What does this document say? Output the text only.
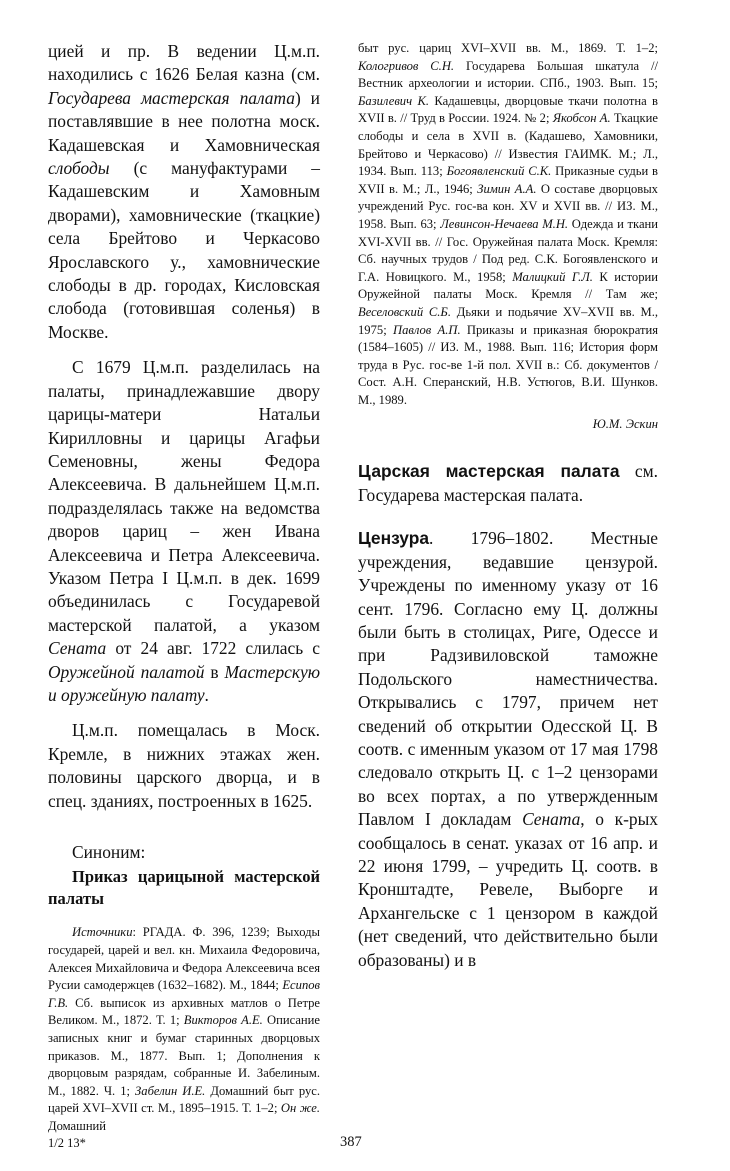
цией и пр. В ведении Ц.м.п. находились с 1626 Белая казна (см. Государева мастерская палата) и поставлявшие в нее полотна моск. Кадашевская и Хамовническая слободы (с мануфактурами – Кадашевским и Хамовным дворами), хамовнические (ткацкие) села Брейтово и Черкасово Ярославского у., хамовнические слободы в др. городах, Кисловская слобода (готовившая соленья) в Москве.

С 1679 Ц.м.п. разделилась на палаты, принадлежавшие двору царицы-матери Натальи Кирилловны и царицы Агафьи Семеновны, жены Федора Алексеевича. В дальнейшем Ц.м.п. подразделялась также на ведомства дворов цариц – жен Ивана Алексеевича и Петра Алексеевича. Указом Петра I Ц.м.п. в дек. 1699 объединилась с Государевой мастерской палатой, а указом Сената от 24 авг. 1722 слилась с Оружейной палатой в Мастерскую и оружейную палату.

Ц.м.п. помещалась в Моск. Кремле, в нижних этажах жен. половины царского дворца, и в спец. зданиях, построенных в 1625.

Синоним:

Приказ царицыной мастерской палаты

Источники: РГАДА. Ф. 396, 1239; Выходы государей, царей и вел. кн. Михаила Федоровича, Алексея Михайловича и Федора Алексеевича всея Русии самодержцев (1632–1682). М., 1844; Есипов Г.В. Сб. выписок из архивных матлов о Петре Великом. М., 1872. Т. 1; Викторов А.Е. Описание записных книг и бумаг старинных дворцовых приказов. М., 1877. Вып. 1; Дополнения к дворцовым разрядам, собранные И. Забелиным. М., 1882. Ч. 1; Забелин И.Е. Домашний быт рус. царей XVI–XVII ст. М., 1895–1915. Т. 1–2; Он же. Домашний

быт рус. цариц XVI–XVII вв. М., 1869. Т. 1–2; Кологривов С.Н. Государева Большая шкатула // Вестник археологии и истории. СПб., 1903. Вып. 15; Базилевич К. Кадашевцы, дворцовые ткачи полотна в XVII в. // Труд в России. 1924. № 2; Якобсон А. Ткацкие слободы и села в XVII в. (Кадашево, Хамовники, Брейтово и Черкасово) // Известия ГАИМК. М.; Л., 1934. Вып. 113; Богоявленский С.К. Приказные судьи в XVII в. М.; Л., 1946; Зимин А.А. О составе дворцовых учреждений Рус. гос-ва кон. XV и XVII вв. // ИЗ. М., 1958. Вып. 63; Левинсон-Нечаева М.Н. Одежда и ткани XVI-XVII вв. // Гос. Оружейная палата Моск. Кремля: Сб. научных трудов / Под ред. С.К. Богоявленского и Г.А. Новицкого. М., 1958; Малицкий Г.Л. К истории Оружейной палаты Моск. Кремля // Там же; Веселовский С.Б. Дьяки и подьячие XV–XVII вв. М., 1975; Павлов А.П. Приказы и приказная бюрократия (1584–1605) // ИЗ. М., 1988. Вып. 116; История форм труда в Рус. гос-ве 1-й пол. XVII в.: Сб. документов / Сост. А.Н. Сперанский, Н.В. Устюгов, В.И. Шунков. М., 1989.

Ю.М. Эскин

Царская мастерская палата см. Государева мастерская палата.

Цензура. 1796–1802. Местные учреждения, ведавшие цензурой. Учреждены по именному указу от 16 сент. 1796. Согласно ему Ц. должны были быть в столицах, Риге, Одессе и при Радзивиловской таможне Подольского наместничества. Открывались с 1797, причем нет сведений об открытии Одесской Ц. В соотв. с именным указом от 17 мая 1798 следовало открыть Ц. с 1–2 цензорами во всех портах, а по утвержденным Павлом I докладам Сената, о к-рых сообщалось в сенат. указах от 16 апр. и 22 июня 1799, – учредить Ц. соотв. в Кронштадте, Ревеле, Выборге и Архангельске с 1 цензором в каждой (нет сведений, что действительно были образованы) и в

1/2 13*	387
